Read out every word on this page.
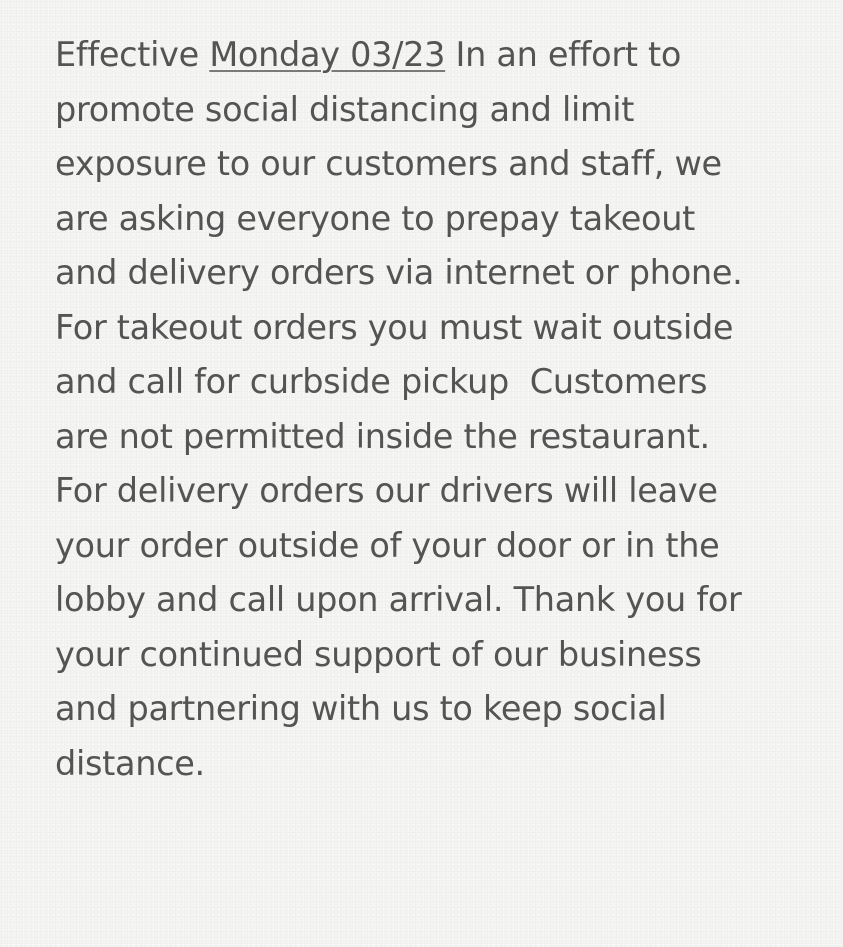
Effective Monday 03/23 In an effort to
promote social distancing and limit
exposure to our customers and staff, we
are asking everyone to prepay takeout
and delivery orders via internet or phone.
For takeout orders you must wait outside
and call for curbside pickup  Customers
are not permitted inside the restaurant.
For delivery orders our drivers will leave
your order outside of your door or in the
lobby and call upon arrival. Thank you for
your continued support of our business
and partnering with us to keep social
distance.
